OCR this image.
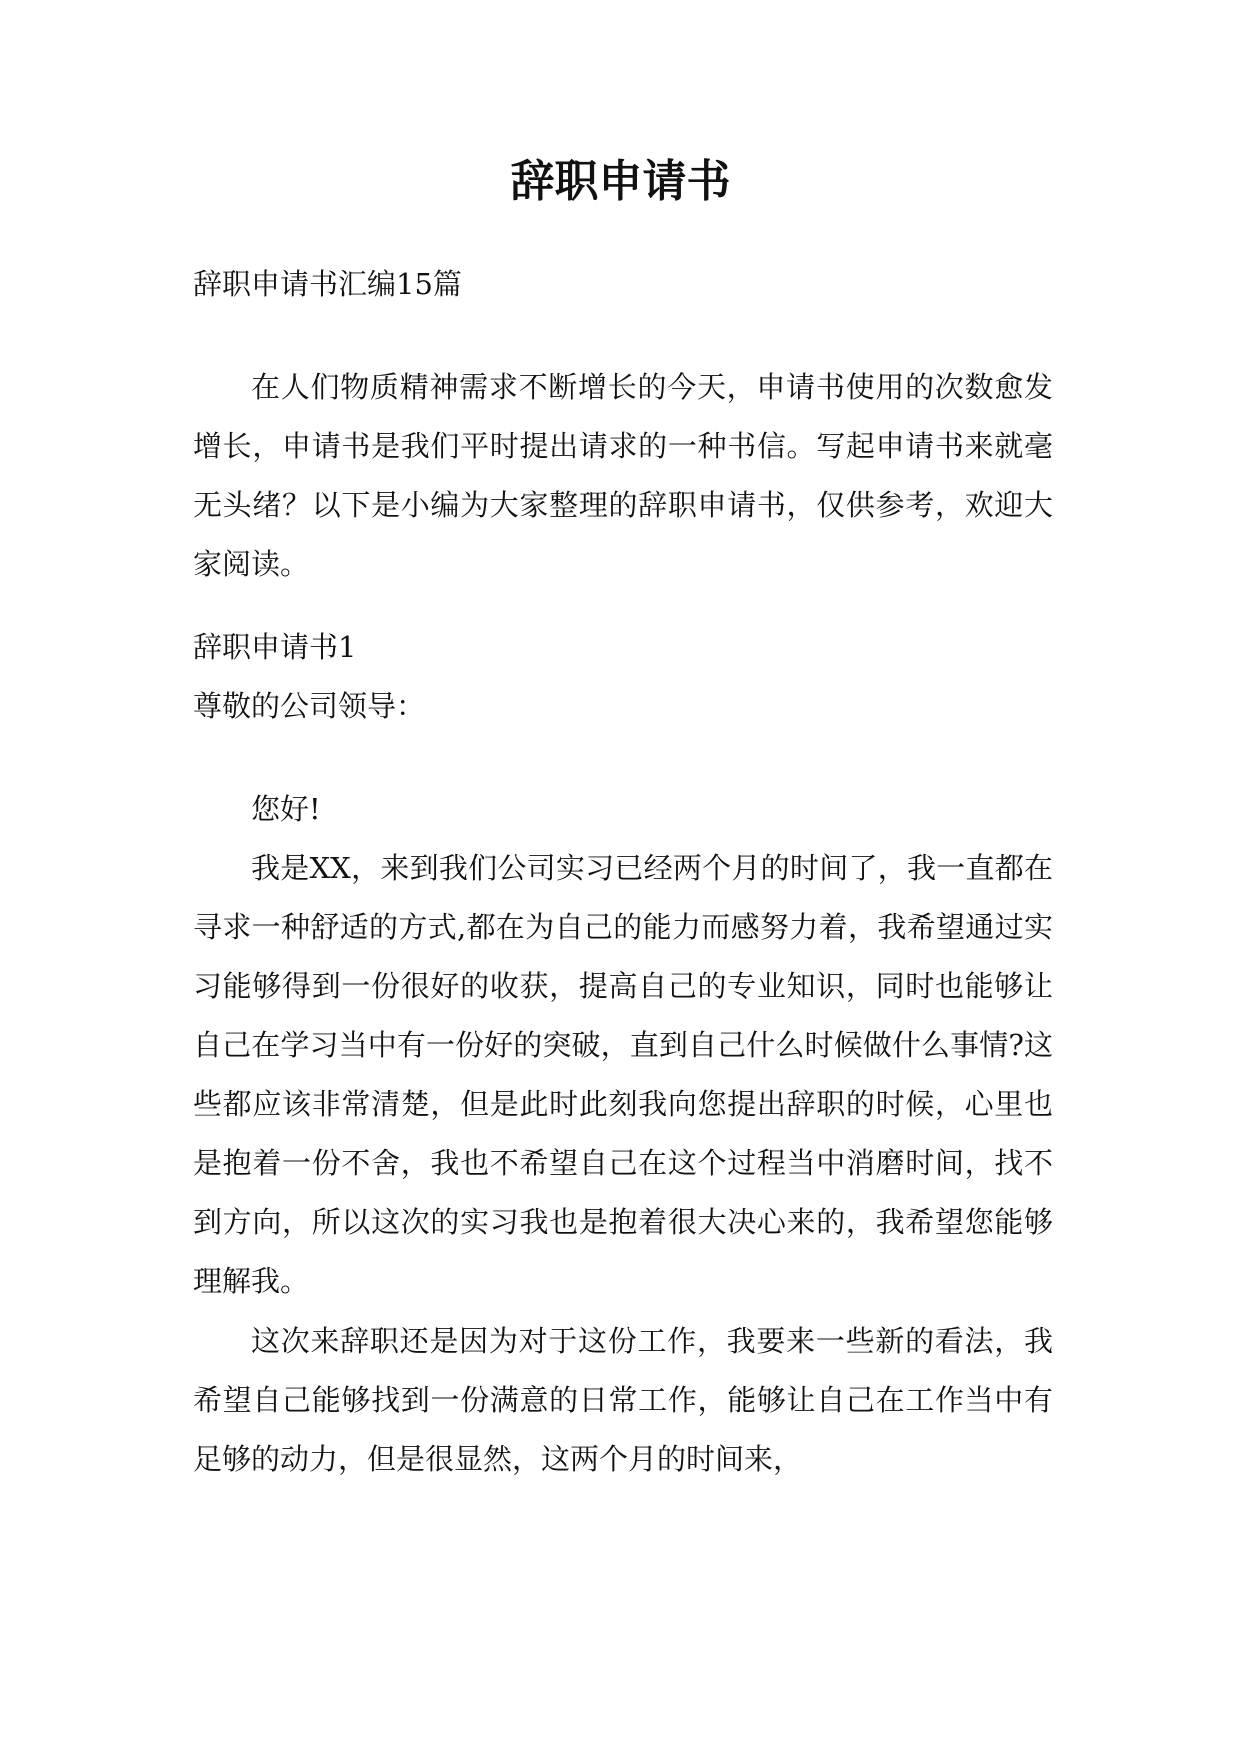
辞职申请书

辞职申请书汇编15篇

在人们物质精神需求不断增长的今天，申请书使用的次数愈发增长，申请书是我们平时提出请求的一种书信。写起申请书来就毫无头绪？以下是小编为大家整理的辞职申请书，仅供参考，欢迎大家阅读。

辞职申请书1

尊敬的公司领导：

您好!

我是XX，来到我们公司实习已经两个月的时间了，我一直都在寻求一种舒适的方式,都在为自己的能力而感努力着，我希望通过实习能够得到一份很好的收获，提高自己的专业知识，同时也能够让自己在学习当中有一份好的突破，直到自己什么时候做什么事情?这些都应该非常清楚，但是此时此刻我向您提出辞职的时候，心里也是抱着一份不舍，我也不希望自己在这个过程当中消磨时间，找不到方向，所以这次的实习我也是抱着很大决心来的，我希望您能够理解我。

这次来辞职还是因为对于这份工作，我要来一些新的看法，我希望自己能够找到一份满意的日常工作，能够让自己在工作当中有足够的动力，但是很显然，这两个月的时间来，
